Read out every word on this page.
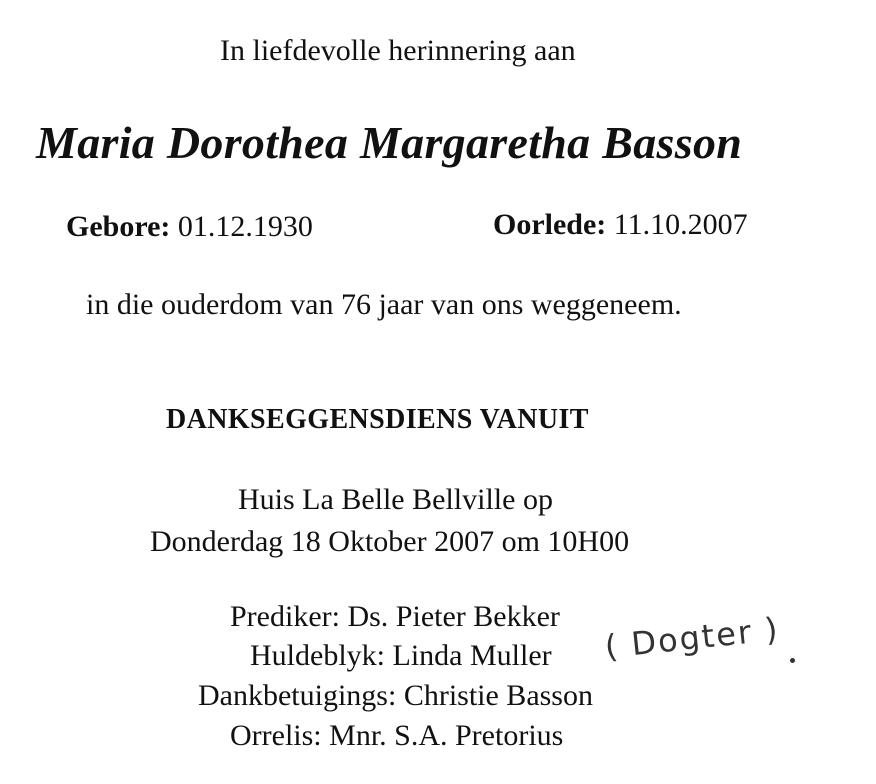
In liefdevolle herinnering aan
Maria Dorothea Margaretha Basson
Gebore: 01.12.1930	Oorlede: 11.10.2007
in die ouderdom van 76 jaar van ons weggeneem.
DANKSEGGENSDIENS VANUIT
Huis La Belle Bellville op
Donderdag 18 Oktober 2007 om 10H00
Prediker: Ds. Pieter Bekker
Huldeblyk: Linda Muller
Dankbetuigings: Christie Basson
Orrelis: Mnr. S.A. Pretorius
( Dogter )
